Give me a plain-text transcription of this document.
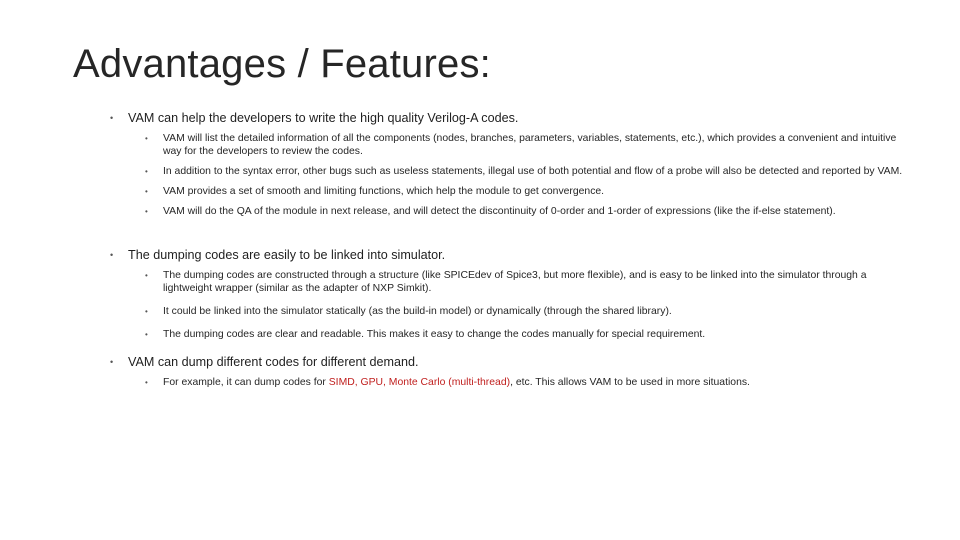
Advantages / Features:
• VAM can help the developers to write the high quality Verilog-A codes.
• VAM will list the detailed information of all the components (nodes, branches, parameters, variables, statements, etc.), which provides a convenient and intuitive way for the developers to review the codes.
• In addition to the syntax error, other bugs such as useless statements, illegal use of both potential and flow of a probe will also be detected and reported by VAM.
• VAM provides a set of smooth and limiting functions, which help the module to get convergence.
• VAM will do the QA of the module in next release, and will detect the discontinuity of 0-order and 1-order of expressions (like the if-else statement).
• The dumping codes are easily to be linked into simulator.
• The dumping codes are constructed through a structure (like SPICEdev of Spice3, but more flexible), and is easy to be linked into the simulator through a lightweight wrapper (similar as the adapter of NXP Simkit).
• It could be linked into the simulator statically (as the build-in model) or dynamically (through the shared library).
• The dumping codes are clear and readable. This makes it easy to change the codes manually for special requirement.
• VAM can dump different codes for different demand.
• For example, it can dump codes for SIMD, GPU, Monte Carlo (multi-thread), etc. This allows VAM to be used in more situations.
